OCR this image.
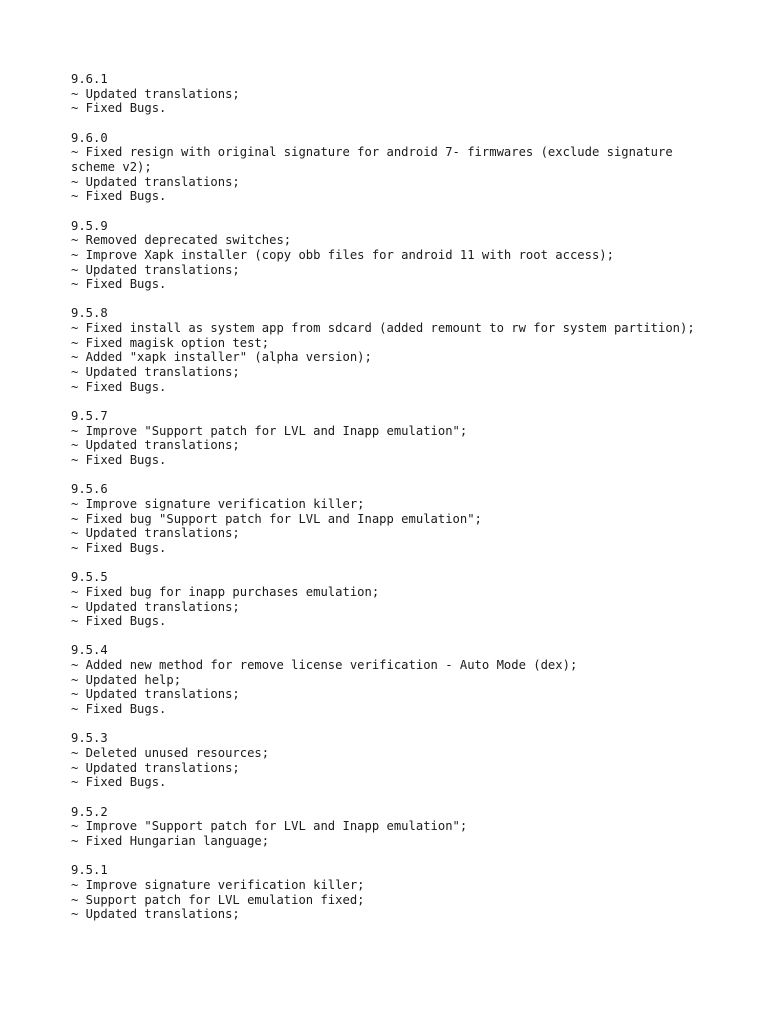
9.6.1
~ Updated translations;
~ Fixed Bugs.
9.6.0
~ Fixed resign with original signature for android 7- firmwares (exclude signature scheme v2);
~ Updated translations;
~ Fixed Bugs.
9.5.9
~ Removed deprecated switches;
~ Improve Xapk installer (copy obb files for android 11 with root access);
~ Updated translations;
~ Fixed Bugs.
9.5.8
~ Fixed install as system app from sdcard (added remount to rw for system partition);
~ Fixed magisk option test;
~ Added "xapk installer" (alpha version);
~ Updated translations;
~ Fixed Bugs.
9.5.7
~ Improve "Support patch for LVL and Inapp emulation";
~ Updated translations;
~ Fixed Bugs.
9.5.6
~ Improve signature verification killer;
~ Fixed bug "Support patch for LVL and Inapp emulation";
~ Updated translations;
~ Fixed Bugs.
9.5.5
~ Fixed bug for inapp purchases emulation;
~ Updated translations;
~ Fixed Bugs.
9.5.4
~ Added new method for remove license verification - Auto Mode (dex);
~ Updated help;
~ Updated translations;
~ Fixed Bugs.
9.5.3
~ Deleted unused resources;
~ Updated translations;
~ Fixed Bugs.
9.5.2
~ Improve "Support patch for LVL and Inapp emulation";
~ Fixed Hungarian language;
9.5.1
~ Improve signature verification killer;
~ Support patch for LVL emulation fixed;
~ Updated translations;
